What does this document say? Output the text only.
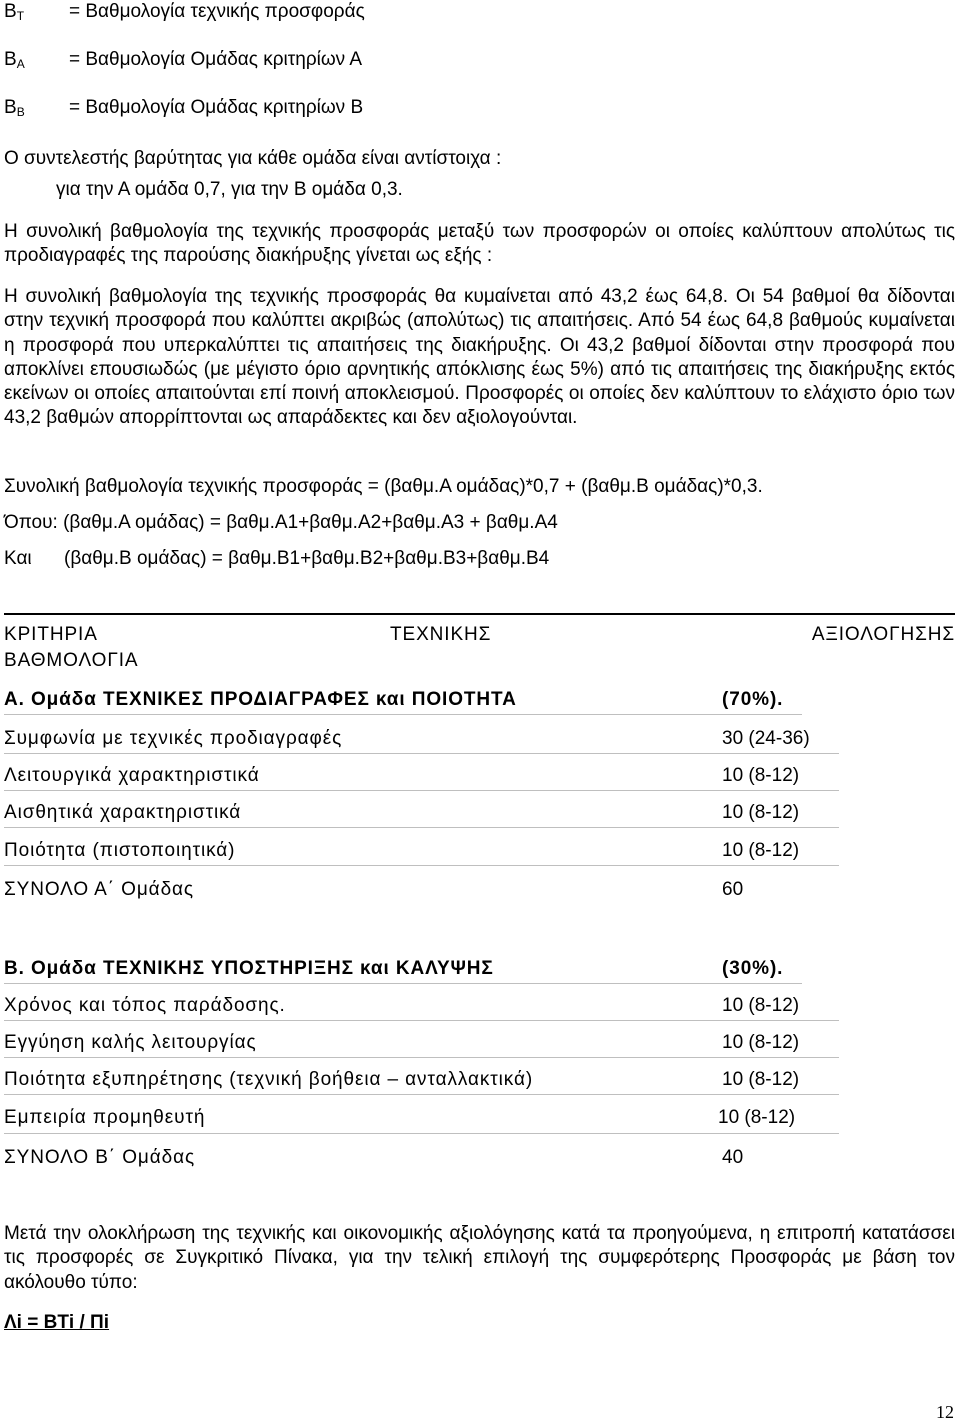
$B_T = B\alpha\theta\mu o\lambda o\gamma ί\alpha$ τεχνικής προσφοράς
$B_A = B\alpha\theta\mu o\lambda o\gamma ί\alpha$ Ομάδας κριτηρίων Α
$B_B = B\alpha\theta\mu o\lambda o\gamma ί\alpha$ Ομάδας κριτηρίων Β
Ο συντελεστής βαρύτητας για κάθε ομάδα είναι αντίστοιχα :
για την Α ομάδα 0,7, για την Β ομάδα 0,3.

Η συνολική βαθμολογία της τεχνικής προσφοράς μεταξύ των προσφορών οι οποίες καλύπτουν απολύτως τις προδιαγραφές της παρούσης διακήρυξης γίνεται ως εξής :

Η συνολική βαθμολογία της τεχνικής προσφοράς θα κυμαίνεται από 43,2 έως 64,8. Οι 54 βαθμοί θα δίδονται στην τεχνική προσφορά που καλύπτει ακριβώς (απολύτως) τις απαιτήσεις. Από 54 έως 64,8 βαθμούς κυμαίνεται η προσφορά που υπερκαλύπτει τις απαιτήσεις της διακήρυξης. Οι 43,2 βαθμοί δίδονται στην προσφορά που αποκλίνει επουσιωδώς (με μέγιστο όριο αρνητικής απόκλισης έως 5%) από τις απαιτήσεις της διακήρυξης εκτός εκείνων οι οποίες απαιτούνται επί ποινή αποκλεισμού. Προσφορές οι οποίες δεν καλύπτουν το ελάχιστο όριο των 43,2 βαθμών απορρίπτονται ως απαράδεκτες και δεν αξιολογούνται.

Συνολική βαθμολογία τεχνικής προσφοράς = (βαθμ.Α ομάδας)*0,7 + (βαθμ.Β ομάδας)*0,3.
Όπου: (βαθμ.Α ομάδας) = βαθμ.Α1+βαθμ.Α2+βαθμ.Α3 + βαθμ.Α4
Και (βαθμ.Β ομάδας) = βαθμ.Β1+βαθμ.Β2+βαθμ.Β3+βαθμ.Β4
ΚΡΙΤΗΡΙΑ	ΤΕΧΝΙΚΗΣ	ΑΞΙΟΛΟΓΗΣΗΣ
ΒΑΘΜΟΛΟΓΙΑ
Α. Ομάδα ΤΕΧΝΙΚΕΣ ΠΡΟΔΙΑΓΡΑΦΕΣ και ΠΟΙΟΤΗΤΑ	(70%).
Συμφωνία με τεχνικές προδιαγραφές	30 (24-36)
Λειτουργικά χαρακτηριστικά	10 (8-12)
Αισθητικά χαρακτηριστικά	10 (8-12)
Ποιότητα (πιστοποιητικά)	10 (8-12)
ΣΥΝΟΛΟ Α΄ Ομάδας	60
Β. Ομάδα ΤΕΧΝΙΚΗΣ ΥΠΟΣΤΗΡΙΞΗΣ και ΚΑΛΥΨΗΣ	(30%).
Χρόνος και τόπος παράδοσης.	10 (8-12)
Εγγύηση καλής λειτουργίας	10 (8-12)
Ποιότητα εξυπηρέτησης (τεχνική βοήθεια – ανταλλακτικά)	10 (8-12)
Εμπειρία προμηθευτή	10 (8-12)
ΣΥΝΟΛΟ Β΄ Ομάδας	40

Μετά την ολοκλήρωση της τεχνικής και οικονομικής αξιολόγησης κατά τα προηγούμενα, η επιτροπή κατατάσσει τις προσφορές σε Συγκριτικό Πίνακα, για την τελική επιλογή της συμφερότερης Προσφοράς με βάση τον ακόλουθο τύπο:

Λi = ΒΤi / Πi
12
